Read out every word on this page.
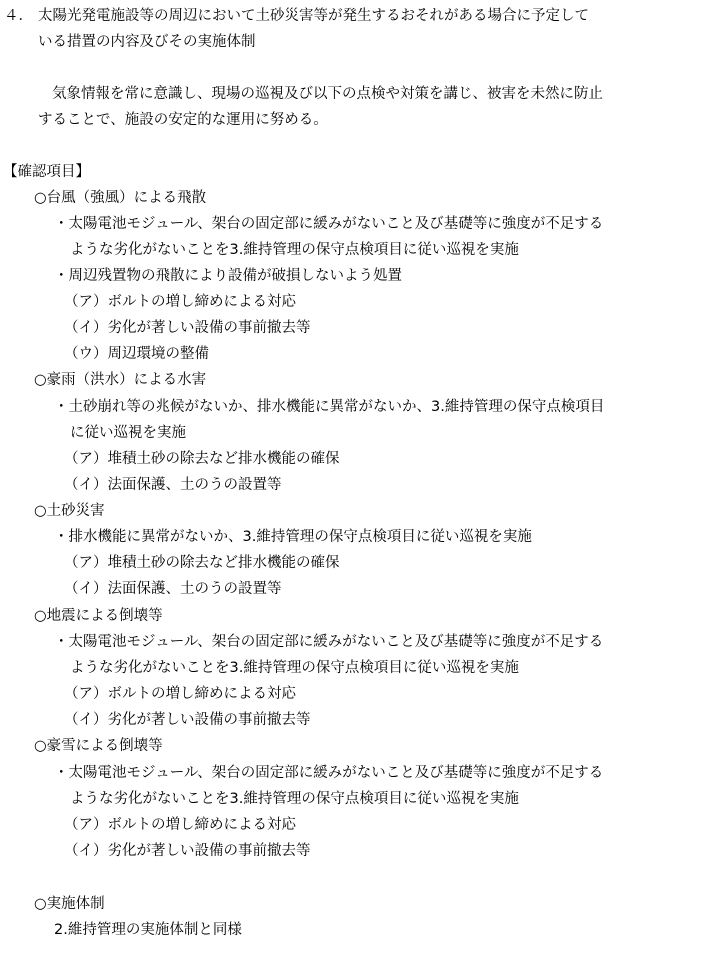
４． 太陽光発電施設等の周辺において土砂災害等が発生するおそれがある場合に予定して
いる措置の内容及びその実施体制
気象情報を常に意識し、現場の巡視及び以下の点検や対策を講じ、被害を未然に防止
することで、施設の安定的な運用に努める。
【確認項目】
○台風（強風）による飛散
・太陽電池モジュール、架台の固定部に緩みがないこと及び基礎等に強度が不足する
ような劣化がないことを3.維持管理の保守点検項目に従い巡視を実施
・周辺残置物の飛散により設備が破損しないよう処置
（ア）ボルトの増し締めによる対応
（イ）劣化が著しい設備の事前撤去等
（ウ）周辺環境の整備
○豪雨（洪水）による水害
・土砂崩れ等の兆候がないか、排水機能に異常がないか、3.維持管理の保守点検項目
に従い巡視を実施
（ア）堆積土砂の除去など排水機能の確保
（イ）法面保護、土のうの設置等
○土砂災害
・排水機能に異常がないか、3.維持管理の保守点検項目に従い巡視を実施
（ア）堆積土砂の除去など排水機能の確保
（イ）法面保護、土のうの設置等
○地震による倒壊等
・太陽電池モジュール、架台の固定部に緩みがないこと及び基礎等に強度が不足する
ような劣化がないことを3.維持管理の保守点検項目に従い巡視を実施
（ア）ボルトの増し締めによる対応
（イ）劣化が著しい設備の事前撤去等
○豪雪による倒壊等
・太陽電池モジュール、架台の固定部に緩みがないこと及び基礎等に強度が不足する
ような劣化がないことを3.維持管理の保守点検項目に従い巡視を実施
（ア）ボルトの増し締めによる対応
（イ）劣化が著しい設備の事前撤去等
○実施体制
2.維持管理の実施体制と同様
